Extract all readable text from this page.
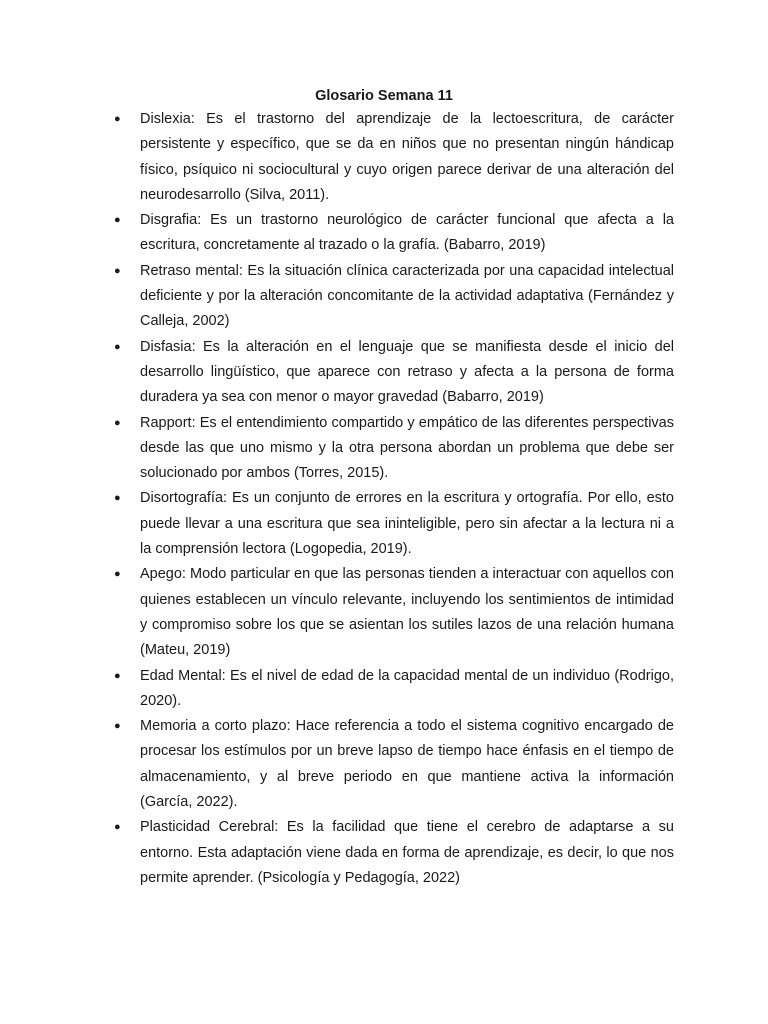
Glosario Semana 11
● Dislexia: Es el trastorno del aprendizaje de la lectoescritura, de carácter persistente y específico, que se da en niños que no presentan ningún hándicap físico, psíquico ni sociocultural y cuyo origen parece derivar de una alteración del neurodesarrollo (Silva, 2011).
● Disgrafia: Es un trastorno neurológico de carácter funcional que afecta a la escritura, concretamente al trazado o la grafía. (Babarro, 2019)
● Retraso mental: Es la situación clínica caracterizada por una capacidad intelectual deficiente y por la alteración concomitante de la actividad adaptativa (Fernández y Calleja, 2002)
● Disfasia: Es la alteración en el lenguaje que se manifiesta desde el inicio del desarrollo lingüístico, que aparece con retraso y afecta a la persona de forma duradera ya sea con menor o mayor gravedad (Babarro, 2019)
● Rapport: Es el entendimiento compartido y empático de las diferentes perspectivas desde las que uno mismo y la otra persona abordan un problema que debe ser solucionado por ambos (Torres, 2015).
● Disortografía: Es un conjunto de errores en la escritura y ortografía. Por ello, esto puede llevar a una escritura que sea ininteligible, pero sin afectar a la lectura ni a la comprensión lectora (Logopedia, 2019).
● Apego: Modo particular en que las personas tienden a interactuar con aquellos con quienes establecen un vínculo relevante, incluyendo los sentimientos de intimidad y compromiso sobre los que se asientan los sutiles lazos de una relación humana (Mateu, 2019)
● Edad Mental: Es el nivel de edad de la capacidad mental de un individuo (Rodrigo, 2020).
● Memoria a corto plazo: Hace referencia a todo el sistema cognitivo encargado de procesar los estímulos por un breve lapso de tiempo hace énfasis en el tiempo de almacenamiento, y al breve periodo en que mantiene activa la información (García, 2022).
● Plasticidad Cerebral: Es la facilidad que tiene el cerebro de adaptarse a su entorno. Esta adaptación viene dada en forma de aprendizaje, es decir, lo que nos permite aprender. (Psicología y Pedagogía, 2022)
